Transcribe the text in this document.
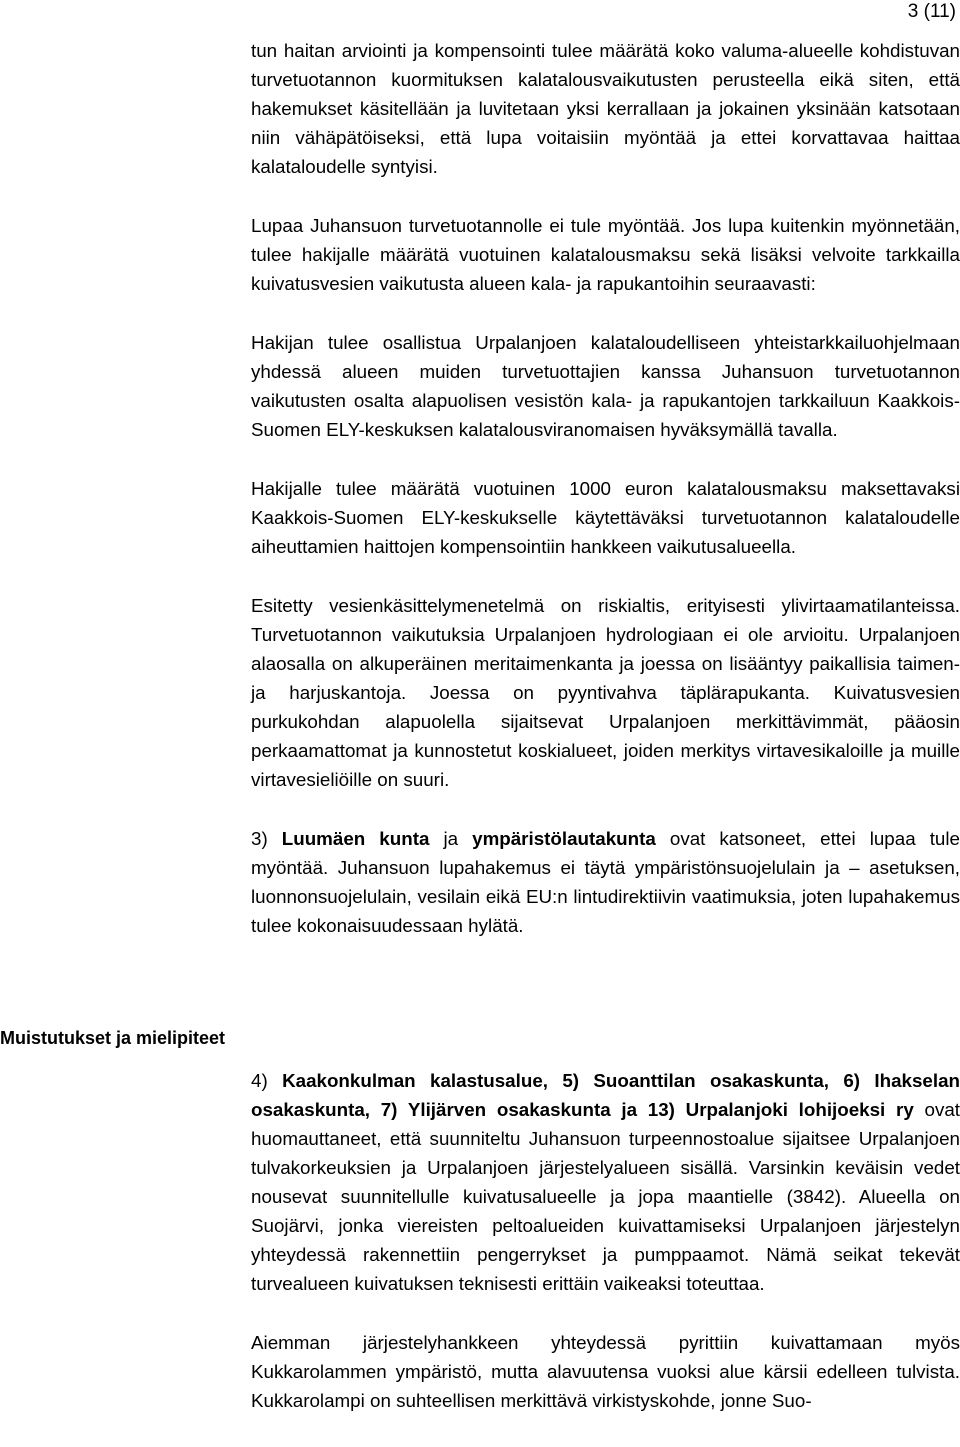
3 (11)
Muistutukset ja mielipiteet

tun haitan arviointi ja kompensointi tulee määrätä koko valuma-alueelle kohdistuvan turvetuotannon kuormituksen kalatalousvaikutusten perusteella eikä siten, että hakemukset käsitellään ja luvitetaan yksi kerrallaan ja jokainen yksinään katsotaan niin vähäpätöiseksi, että lupa voitaisiin myöntää ja ettei korvattavaa haittaa kalataloudelle syntyisi.

Lupaa Juhansuon turvetuotannolle ei tule myöntää. Jos lupa kuitenkin myönnetään, tulee hakijalle määrätä vuotuinen kalatalousmaksu sekä lisäksi velvoite tarkkailla kuivatusvesien vaikutusta alueen kala- ja rapukantoihin seuraavasti:

Hakijan tulee osallistua Urpalanjoen kalataloudelliseen yhteistarkkailuohjelmaan yhdessä alueen muiden turvetuottajien kanssa Juhansuon turvetuotannon vaikutusten osalta alapuolisen vesistön kala- ja rapukantojen tarkkailuun Kaakkois-Suomen ELY-keskuksen kalatalousviranomaisen hyväksymällä tavalla.

Hakijalle tulee määrätä vuotuinen 1000 euron kalatalousmaksu maksettavaksi Kaakkois-Suomen ELY-keskukselle käytettäväksi turvetuotannon kalataloudelle aiheuttamien haittojen kompensointiin hankkeen vaikutusalueella.

Esitetty vesienkäsittelymenetelmä on riskialtis, erityisesti ylivirtaamatilanteissa. Turvetuotannon vaikutuksia Urpalanjoen hydrologiaan ei ole arvioitu. Urpalanjoen alaosalla on alkuperäinen meritaimenkanta ja joessa on lisääntyy paikallisia taimen- ja harjuskantoja. Joessa on pyyntivahva täplärapukanta. Kuivatusvesien purkukohdan alapuolella sijaitsevat Urpalanjoen merkittävimmät, pääosin perkaamattomat ja kunnostetut koskialueet, joiden merkitys virtavesikaloille ja muille virtavesieliöille on suuri.

3) Luumäen kunta ja ympäristölautakunta ovat katsoneet, ettei lupaa tule myöntää. Juhansuon lupahakemus ei täytä ympäristönsuojelulain ja – asetuksen, luonnonsuojelulain, vesilain eikä EU:n lintudirektiivin vaatimuksia, joten lupahakemus tulee kokonaisuudessaan hylätä.

4) Kaakonkulman kalastusalue, 5) Suoanttilan osakaskunta, 6) Ihakselan osakaskunta, 7) Ylijärven osakaskunta ja 13) Urpalanjoki lohijoeksi ry ovat huomauttaneet, että suunniteltu Juhansuon turpeennostoalue sijaitsee Urpalanjoen tulvakorkeuksien ja Urpalanjoen järjestelyalueen sisällä. Varsinkin keväisin vedet nousevat suunnitellulle kuivatusalueelle ja jopa maantielle (3842). Alueella on Suojärvi, jonka viereisten peltoalueiden kuivattamiseksi Urpalanjoen järjestelyn yhteydessä rakennettiin pengerrykset ja pumppaamot. Nämä seikat tekevät turvealueen kuivatuksen teknisesti erittäin vaikeaksi toteuttaa.

Aiemman järjestelyhankkeen yhteydessä pyrittiin kuivattamaan myös Kukkarolammen ympäristö, mutta alavuutensa vuoksi alue kärsii edelleen tulvista. Kukkarolampi on suhteellisen merkittävä virkistyskohde, jonne Suo-
